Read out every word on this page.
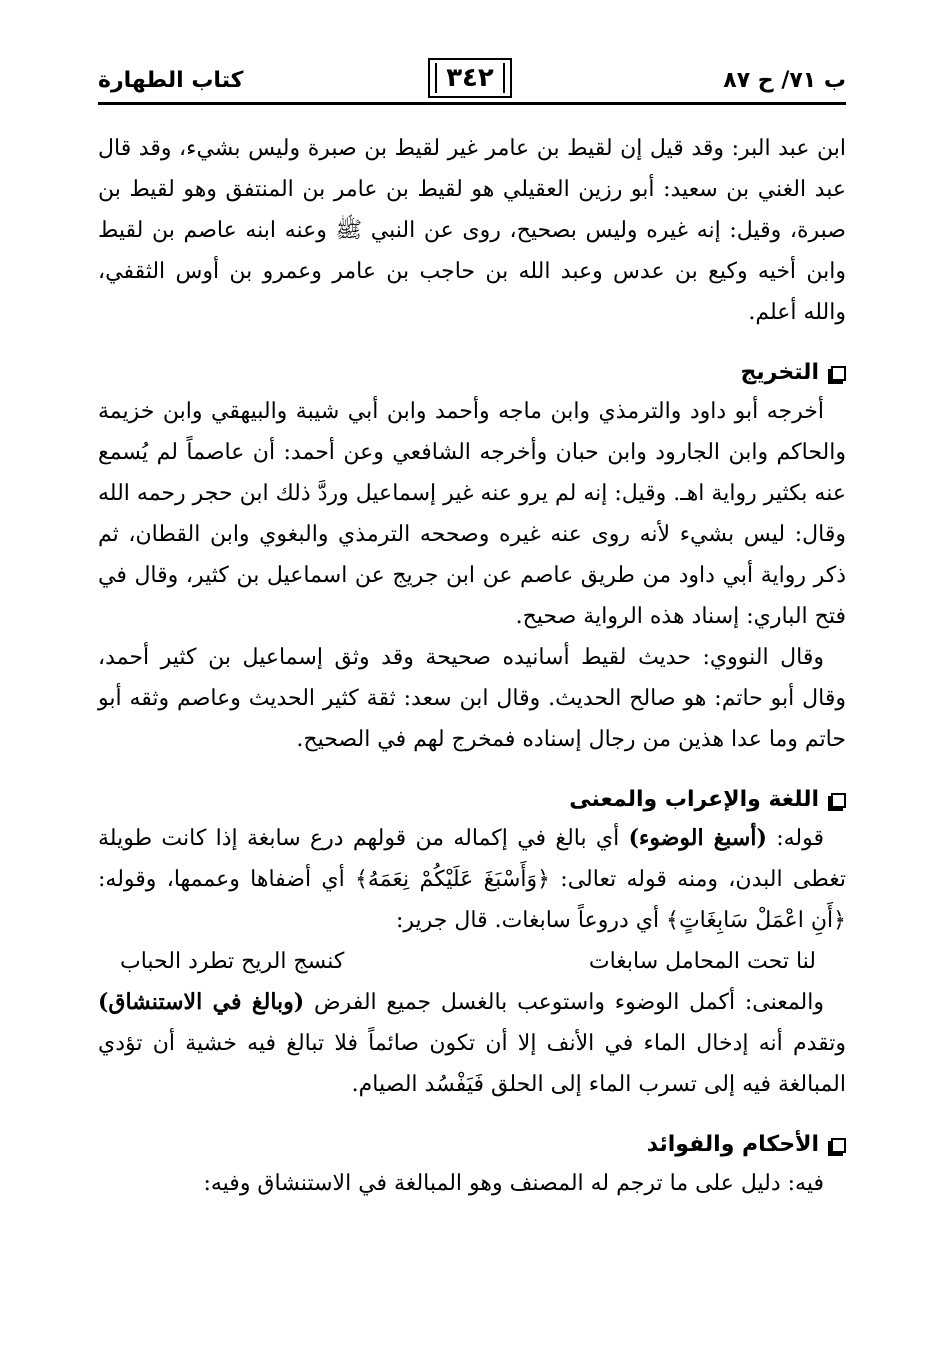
كتاب الطهارة	٣٤٢	ب ٧١/ ح ٨٧

ابن عبد البر: وقد قيل إن لقيط بن عامر غير لقيط بن صبرة وليس بشيء، وقد قال عبد الغني بن سعيد: أبو رزين العقيلي هو لقيط بن عامر بن المنتفق وهو لقيط بن صبرة، وقيل: إنه غيره وليس بصحيح، روى عن النبي ﷺ وعنه ابنه عاصم بن لقيط وابن أخيه وكيع بن عدس وعبد الله بن حاجب بن عامر وعمرو بن أوس الثقفي، والله أعلم.

التخريج

أخرجه أبو داود والترمذي وابن ماجه وأحمد وابن أبي شيبة والبيهقي وابن خزيمة والحاكم وابن الجارود وابن حبان وأخرجه الشافعي وعن أحمد: أن عاصماً لم يُسمع عنه بكثير رواية اهـ. وقيل: إنه لم يرو عنه غير إسماعيل وردَّ ذلك ابن حجر رحمه الله وقال: ليس بشيء لأنه روى عنه غيره وصححه الترمذي والبغوي وابن القطان، ثم ذكر رواية أبي داود من طريق عاصم عن ابن جريج عن اسماعيل بن كثير، وقال في فتح الباري: إسناد هذه الرواية صحيح.

وقال النووي: حديث لقيط أسانيده صحيحة وقد وثق إسماعيل بن كثير أحمد، وقال أبو حاتم: هو صالح الحديث. وقال ابن سعد: ثقة كثير الحديث وعاصم وثقه أبو حاتم وما عدا هذين من رجال إسناده فمخرج لهم في الصحيح.

اللغة والإعراب والمعنى

قوله: (أسبغ الوضوء) أي بالغ في إكماله من قولهم درع سابغة إذا كانت طويلة تغطى البدن، ومنه قوله تعالى: ﴿وَأَسْبَغَ عَلَيْكُمْ نِعَمَهُ﴾ أي أضفاها وعممها، وقوله: ﴿أَنِ اعْمَلْ سَابِغَاتٍ﴾ أي دروعاً سابغات. قال جرير:

لنا تحت المحامل سابغات
كنسج الريح تطرد الحباب

والمعنى: أكمل الوضوء واستوعب بالغسل جميع الفرض (وبالغ في الاستنشاق) وتقدم أنه إدخال الماء في الأنف إلا أن تكون صائماً فلا تبالغ فيه خشية أن تؤدي المبالغة فيه إلى تسرب الماء إلى الحلق فَيَفْسُد الصيام.

الأحكام والفوائد

فيه: دليل على ما ترجم له المصنف وهو المبالغة في الاستنشاق وفيه:
